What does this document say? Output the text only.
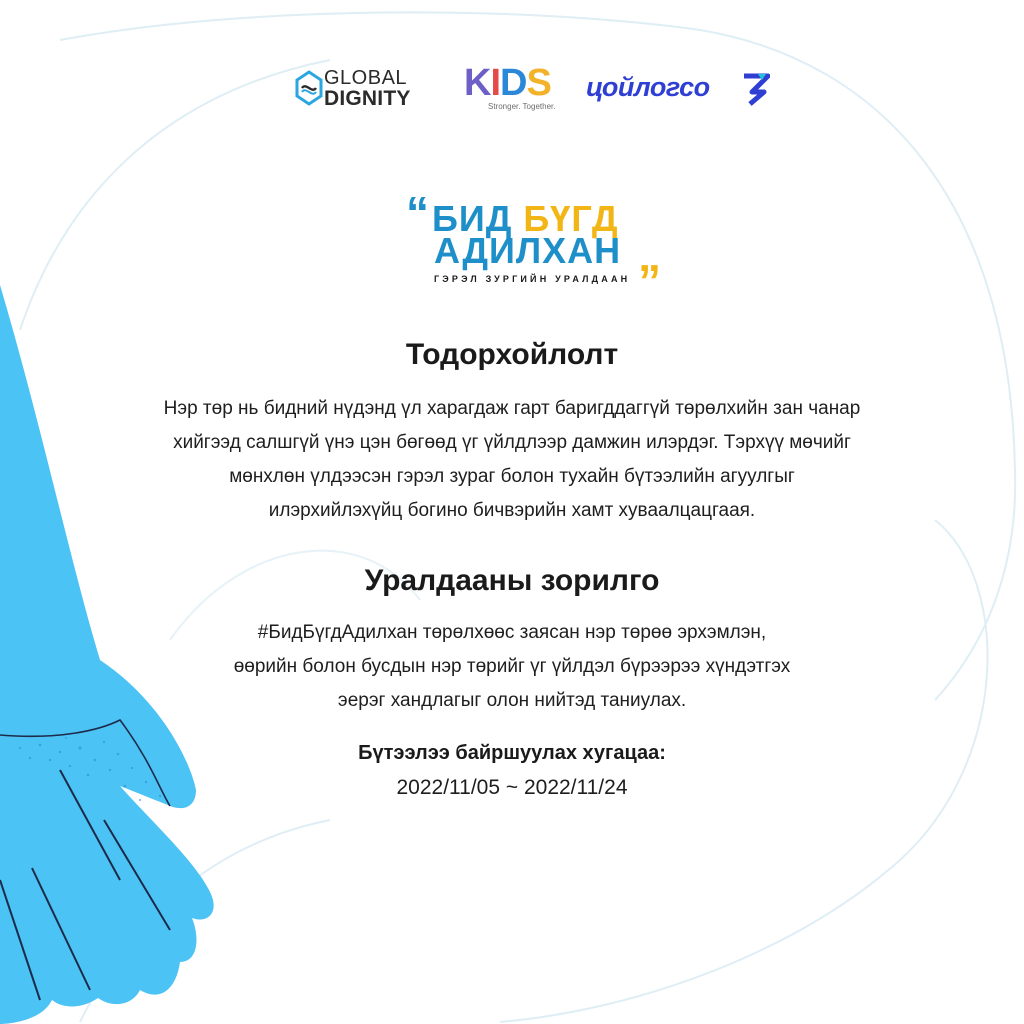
GLOBAL
DIGNITY KIDS
Stronger. Together.
цойлогсо
“ БИД БҮГД
АДИЛХАН „
ГЭРЭЛ ЗУРГИЙН УРАЛДААН
Тодорхойлолт
Нэр төр нь бидний нүдэнд үл харагдаж гарт баригддаггүй төрөлхийн зан чанар
хийгээд салшгүй үнэ цэн бөгөөд үг үйлдлээр дамжин илэрдэг. Тэрхүү мөчийг
мөнхлөн үлдээсэн гэрэл зураг болон тухайн бүтээлийн агуулгыг
илэрхийлэхүйц богино бичвэрийн хамт хуваалцацгаая.
Уралдааны зорилго
#БидБүгдАдилхан төрөлхөөс заясан нэр төрөө эрхэмлэн,
өөрийн болон бусдын нэр төрийг үг үйлдэл бүрээрээ хүндэтгэх
эерэг хандлагыг олон нийтэд таниулах.
Бүтээлээ байршуулах хугацаа:
2022/11/05 ~ 2022/11/24
